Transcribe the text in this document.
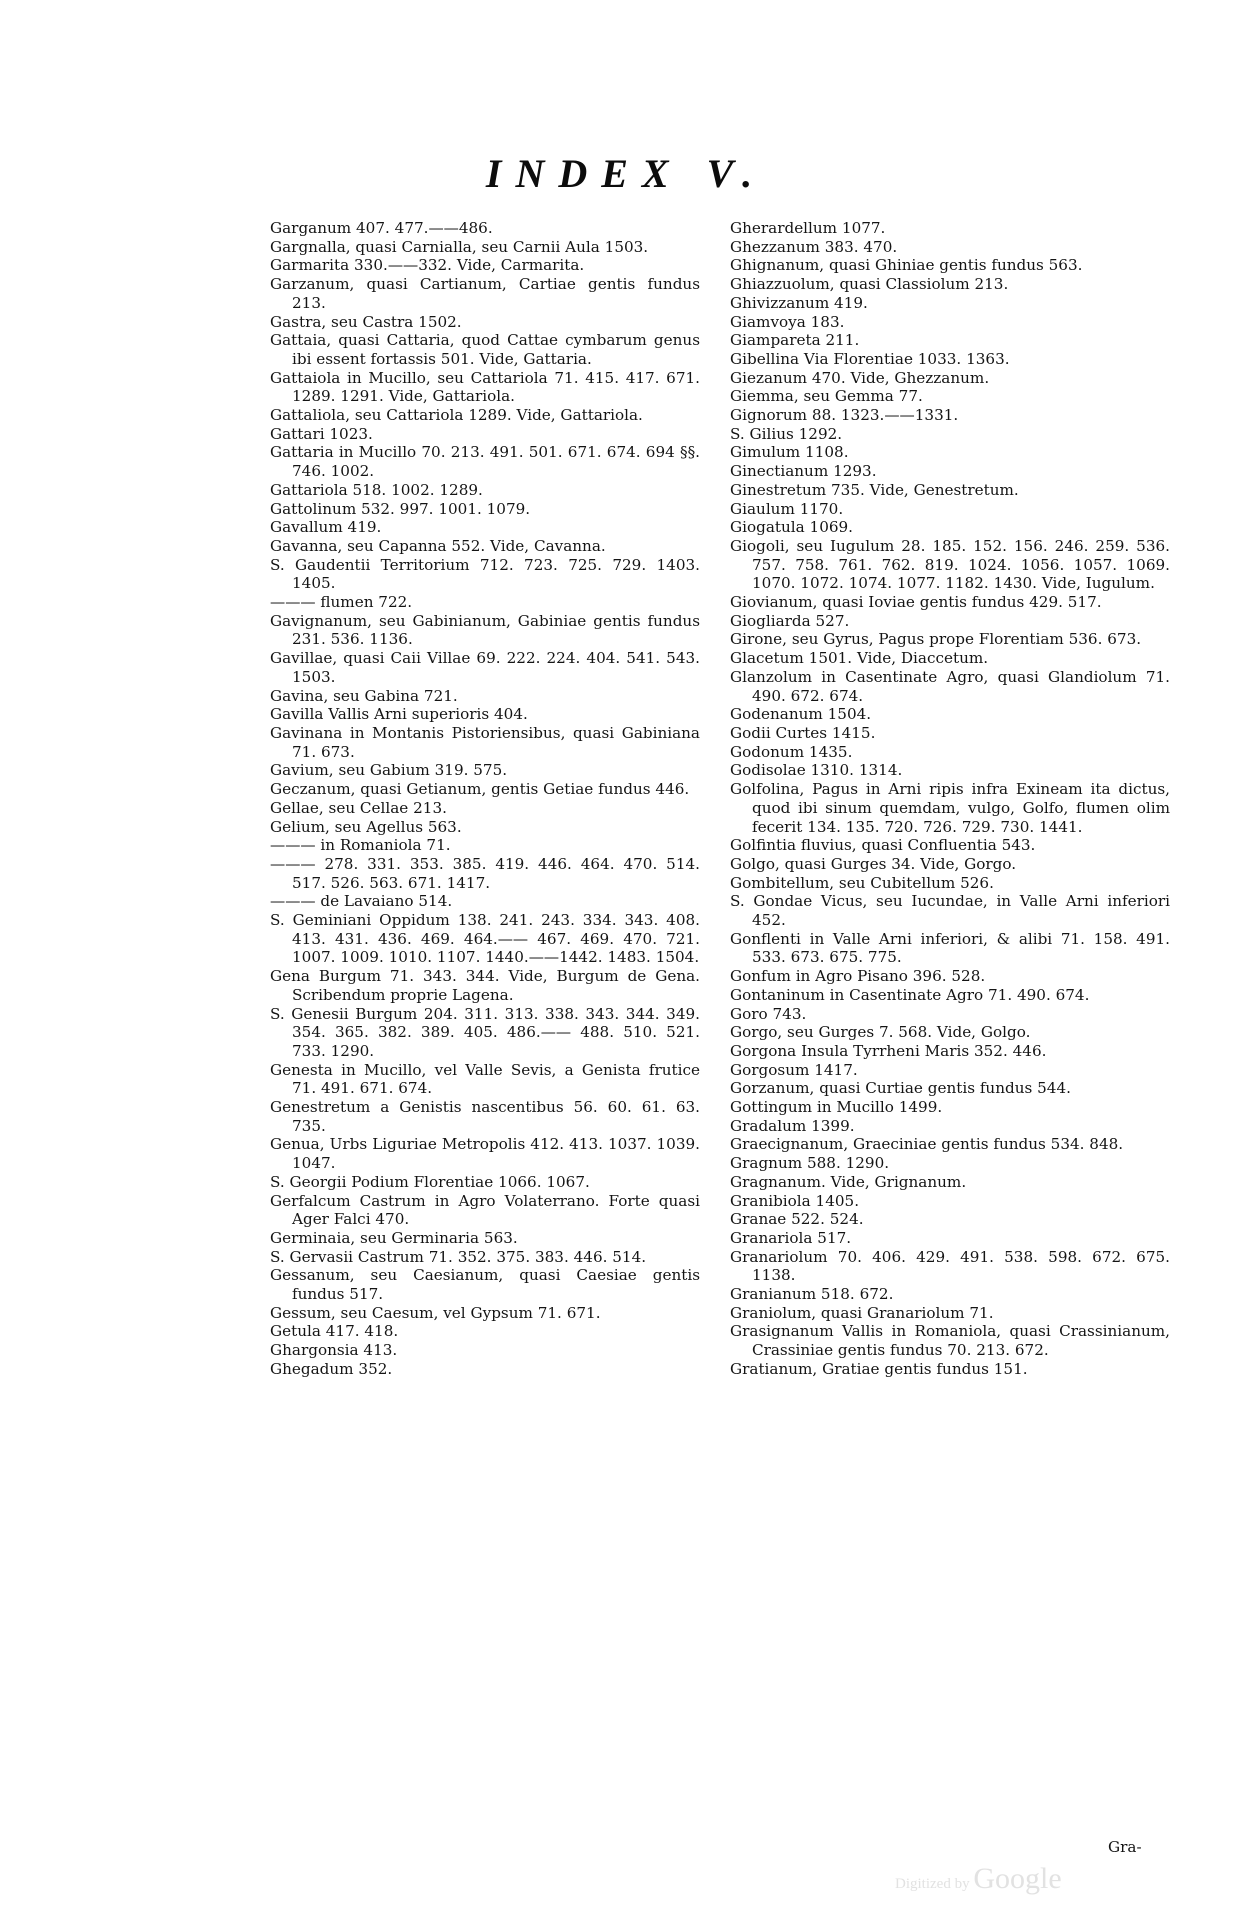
INDEX V.
Garganum 407. 477.——486.
Gargnalla, quasi Carnialla, seu Carnii Aula 1503.
Garmarita 330.——332. Vide, Carmarita.
Garzanum, quasi Cartianum, Cartiae gentis fundus 213.
Gastra, seu Castra 1502.
Gattaia, quasi Cattaria, quod Cattae cymbarum genus ibi essent fortassis 501. Vide, Gattaria.
Gattaiola in Mucillo, seu Cattariola 71. 415. 417. 671. 1289. 1291. Vide, Gattariola.
Gattaliola, seu Cattariola 1289. Vide, Gattariola.
Gattari 1023.
Gattaria in Mucillo 70. 213. 491. 501. 671. 674. 694 §§. 746. 1002.
Gattariola 518. 1002. 1289.
Gattolinum 532. 997. 1001. 1079.
Gavallum 419.
Gavanna, seu Capanna 552. Vide, Cavanna.
S. Gaudentii Territorium 712. 723. 725. 729. 1403. 1405.
——— flumen 722.
Gavignanum, seu Gabinianum, Gabiniae gentis fundus 231. 536. 1136.
Gavillae, quasi Caii Villae 69. 222. 224. 404. 541. 543. 1503.
Gavina, seu Gabina 721.
Gavilla Vallis Arni superioris 404.
Gavinana in Montanis Pistoriensibus, quasi Gabiniana 71. 673.
Gavium, seu Gabium 319. 575.
Geczanum, quasi Getianum, gentis Getiae fundus 446.
Gellae, seu Cellae 213.
Gelium, seu Agellus 563.
——— in Romaniola 71.
——— 278. 331. 353. 385. 419. 446. 464. 470. 514. 517. 526. 563. 671. 1417.
——— de Lavaiano 514.
S. Geminiani Oppidum 138. 241. 243. 334. 343. 408. 413. 431. 436. 469. 464.—— 467. 469. 470. 721. 1007. 1009. 1010. 1107. 1440.——1442. 1483. 1504.
Gena Burgum 71. 343. 344. Vide, Burgum de Gena. Scribendum proprie Lagena.
S. Genesii Burgum 204. 311. 313. 338. 343. 344. 349. 354. 365. 382. 389. 405. 486.—— 488. 510. 521. 733. 1290.
Genesta in Mucillo, vel Valle Sevis, a Genista frutice 71. 491. 671. 674.
Genestretum a Genistis nascentibus 56. 60. 61. 63. 735.
Genua, Urbs Liguriae Metropolis 412. 413. 1037. 1039. 1047.
S. Georgii Podium Florentiae 1066. 1067.
Gerfalcum Castrum in Agro Volaterrano. Forte quasi Ager Falci 470.
Germinaia, seu Germinaria 563.
S. Gervasii Castrum 71. 352. 375. 383. 446. 514.
Gessanum, seu Caesianum, quasi Caesiae gentis fundus 517.
Gessum, seu Caesum, vel Gypsum 71. 671.
Getula 417. 418.
Ghargonsia 413.
Ghegadum 352.
Gherardellum 1077.
Ghezzanum 383. 470.
Ghignanum, quasi Ghiniae gentis fundus 563.
Ghiazzuolum, quasi Classiolum 213.
Ghivizzanum 419.
Giamvoya 183.
Giampareta 211.
Gibellina Via Florentiae 1033. 1363.
Giezanum 470. Vide, Ghezzanum.
Giemma, seu Gemma 77.
Gignorum 88. 1323.——1331.
S. Gilius 1292.
Gimulum 1108.
Ginectianum 1293.
Ginestretum 735. Vide, Genestretum.
Giaulum 1170.
Giogatula 1069.
Giogoli, seu Iugulum 28. 185. 152. 156. 246. 259. 536. 757. 758. 761. 762. 819. 1024. 1056. 1057. 1069. 1070. 1072. 1074. 1077. 1182. 1430. Vide, Iugulum.
Giovianum, quasi Ioviae gentis fundus 429. 517.
Giogliarda 527.
Girone, seu Gyrus, Pagus prope Florentiam 536. 673.
Glacetum 1501. Vide, Diaccetum.
Glanzolum in Casentinate Agro, quasi Glandiolum 71. 490. 672. 674.
Godenanum 1504.
Godii Curtes 1415.
Godonum 1435.
Godisolae 1310. 1314.
Golfolina, Pagus in Arni ripis infra Exineam ita dictus, quod ibi sinum quemdam, vulgo, Golfo, flumen olim fecerit 134. 135. 720. 726. 729. 730. 1441.
Golfintia fluvius, quasi Confluentia 543.
Golgo, quasi Gurges 34. Vide, Gorgo.
Gombitellum, seu Cubitellum 526.
S. Gondae Vicus, seu Iucundae, in Valle Arni inferiori 452.
Gonflenti in Valle Arni inferiori, & alibi 71. 158. 491. 533. 673. 675. 775.
Gonfum in Agro Pisano 396. 528.
Gontaninum in Casentinate Agro 71. 490. 674.
Goro 743.
Gorgo, seu Gurges 7. 568. Vide, Golgo.
Gorgona Insula Tyrrheni Maris 352. 446.
Gorgosum 1417.
Gorzanum, quasi Curtiae gentis fundus 544.
Gottingum in Mucillo 1499.
Gradalum 1399.
Graecignanum, Graeciniae gentis fundus 534. 848.
Gragnum 588. 1290.
Gragnanum. Vide, Grignanum.
Granibiola 1405.
Granae 522. 524.
Granariola 517.
Granariolum 70. 406. 429. 491. 538. 598. 672. 675. 1138.
Granianum 518. 672.
Graniolum, quasi Granariolum 71.
Grasignanum Vallis in Romaniola, quasi Crassinianum, Crassiniae gentis fundus 70. 213. 672.
Gratianum, Gratiae gentis fundus 151.
Gra-
Digitized by Google
